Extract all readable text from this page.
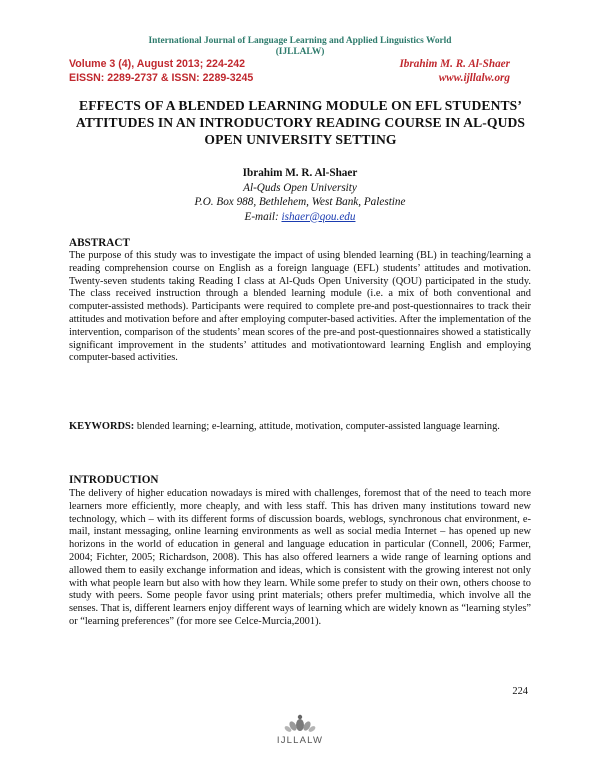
International Journal of Language Learning and Applied Linguistics World
(IJLLALW)
Volume 3 (4), August 2013; 224-242
EISSN: 2289-2737 & ISSN: 2289-3245
Ibrahim M. R. Al-Shaer
www.ijllalw.org
EFFECTS OF A BLENDED LEARNING MODULE ON EFL STUDENTS’ ATTITUDES IN AN INTRODUCTORY READING COURSE IN AL-QUDS OPEN UNIVERSITY SETTING
Ibrahim M. R. Al-Shaer
Al-Quds Open University
P.O. Box 988, Bethlehem, West Bank, Palestine
E-mail: ishaer@qou.edu
ABSTRACT
The purpose of this study was to investigate the impact of using blended learning (BL) in teaching/learning a reading comprehension course on English as a foreign language (EFL) students’ attitudes and motivation. Twenty-seven students taking Reading I class at Al-Quds Open University (QOU) participated in the study. The class received instruction through a blended learning module (i.e. a mix of both conventional and computer-assisted methods). Participants were required to complete pre-and post-questionnaires to track their attitudes and motivation before and after employing computer-based activities. After the implementation of the intervention, comparison of the students’ mean scores of the pre-and post-questionnaires showed a statistically significant improvement in the students’ attitudes and motivationtoward learning English and employing computer-based activities.
KEYWORDS: blended learning; e-learning, attitude, motivation, computer-assisted language learning.
INTRODUCTION
The delivery of higher education nowadays is mired with challenges, foremost that of the need to teach more learners more efficiently, more cheaply, and with less staff. This has driven many institutions toward new technology, which – with its different forms of discussion boards, weblogs, synchronous chat environment, e-mail, instant messaging, online learning environments as well as social media Internet – has opened up new horizons in the world of education in general and language education in particular (Connell, 2006; Farmer, 2004; Fichter, 2005; Richardson, 2008). This has also offered learners a wide range of learning options and allowed them to easily exchange information and ideas, which is consistent with the growing interest not only with what people learn but also with how they learn. While some prefer to study on their own, others choose to study with peers. Some people favor using print materials; others prefer multimedia, which involve all the senses. That is, different learners enjoy different ways of learning which are widely known as “learning styles” or “learning preferences” (for more see Celce-Murcia,2001).
224
IJLLALW
